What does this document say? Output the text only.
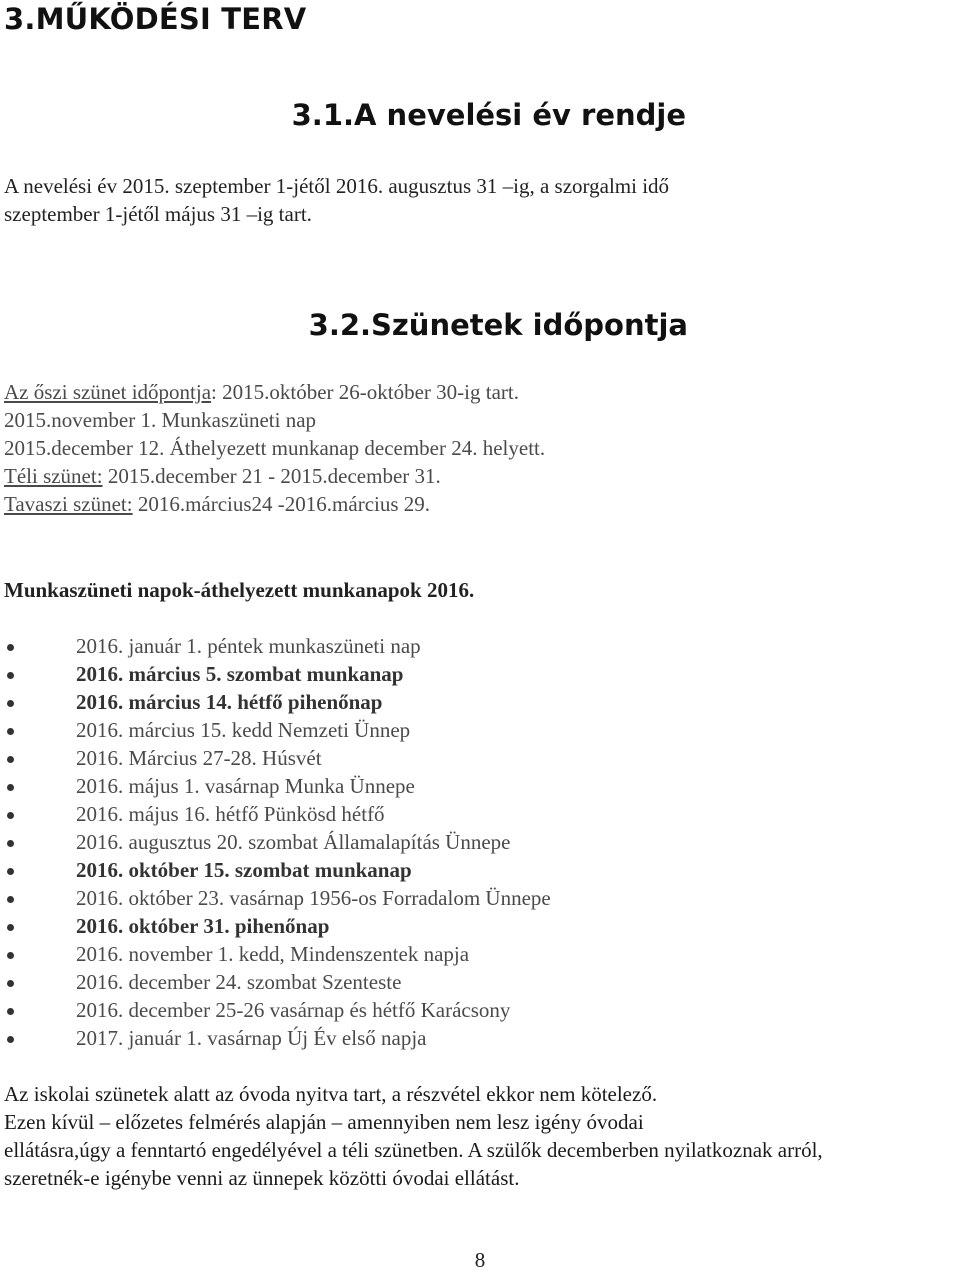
3.MŰKÖDÉSI TERV
3.1.A nevelési év rendje
A nevelési év 2015. szeptember 1-jétől 2016. augusztus 31 –ig, a szorgalmi idő
szeptember 1-jétől május 31 –ig tart.
3.2.Szünetek időpontja
Az őszi szünet időpontja: 2015.október 26-október 30-ig tart.
2015.november 1. Munkaszüneti nap
2015.december 12. Áthelyezett munkanap december 24. helyett.
Téli szünet: 2015.december 21 - 2015.december 31.
Tavaszi szünet: 2016.március24 -2016.március 29.
Munkaszüneti napok-áthelyezett munkanapok 2016.
2016. január 1. péntek munkaszüneti nap
2016. március 5. szombat munkanap
2016. március 14. hétfő pihenőnap
2016. március 15. kedd Nemzeti Ünnep
2016. Március 27-28. Húsvét
2016. május 1. vasárnap Munka Ünnepe
2016. május 16. hétfő Pünkösd hétfő
2016. augusztus 20. szombat Államalapítás Ünnepe
2016. október 15. szombat munkanap
2016. október 23. vasárnap 1956-os Forradalom Ünnepe
2016. október 31. pihenőnap
2016. november 1. kedd, Mindenszentek napja
2016. december 24. szombat Szenteste
2016. december 25-26 vasárnap és hétfő Karácsony
2017. január 1. vasárnap Új Év első napja
Az iskolai szünetek alatt az óvoda nyitva tart, a részvétel ekkor nem kötelező.
Ezen kívül – előzetes felmérés alapján – amennyiben nem lesz igény óvodai
ellátásra,úgy a fenntartó engedélyével a téli szünetben. A szülők decemberben nyilatkoznak arról,
szeretnék-e igénybe venni az ünnepek közötti óvodai ellátást.
8
